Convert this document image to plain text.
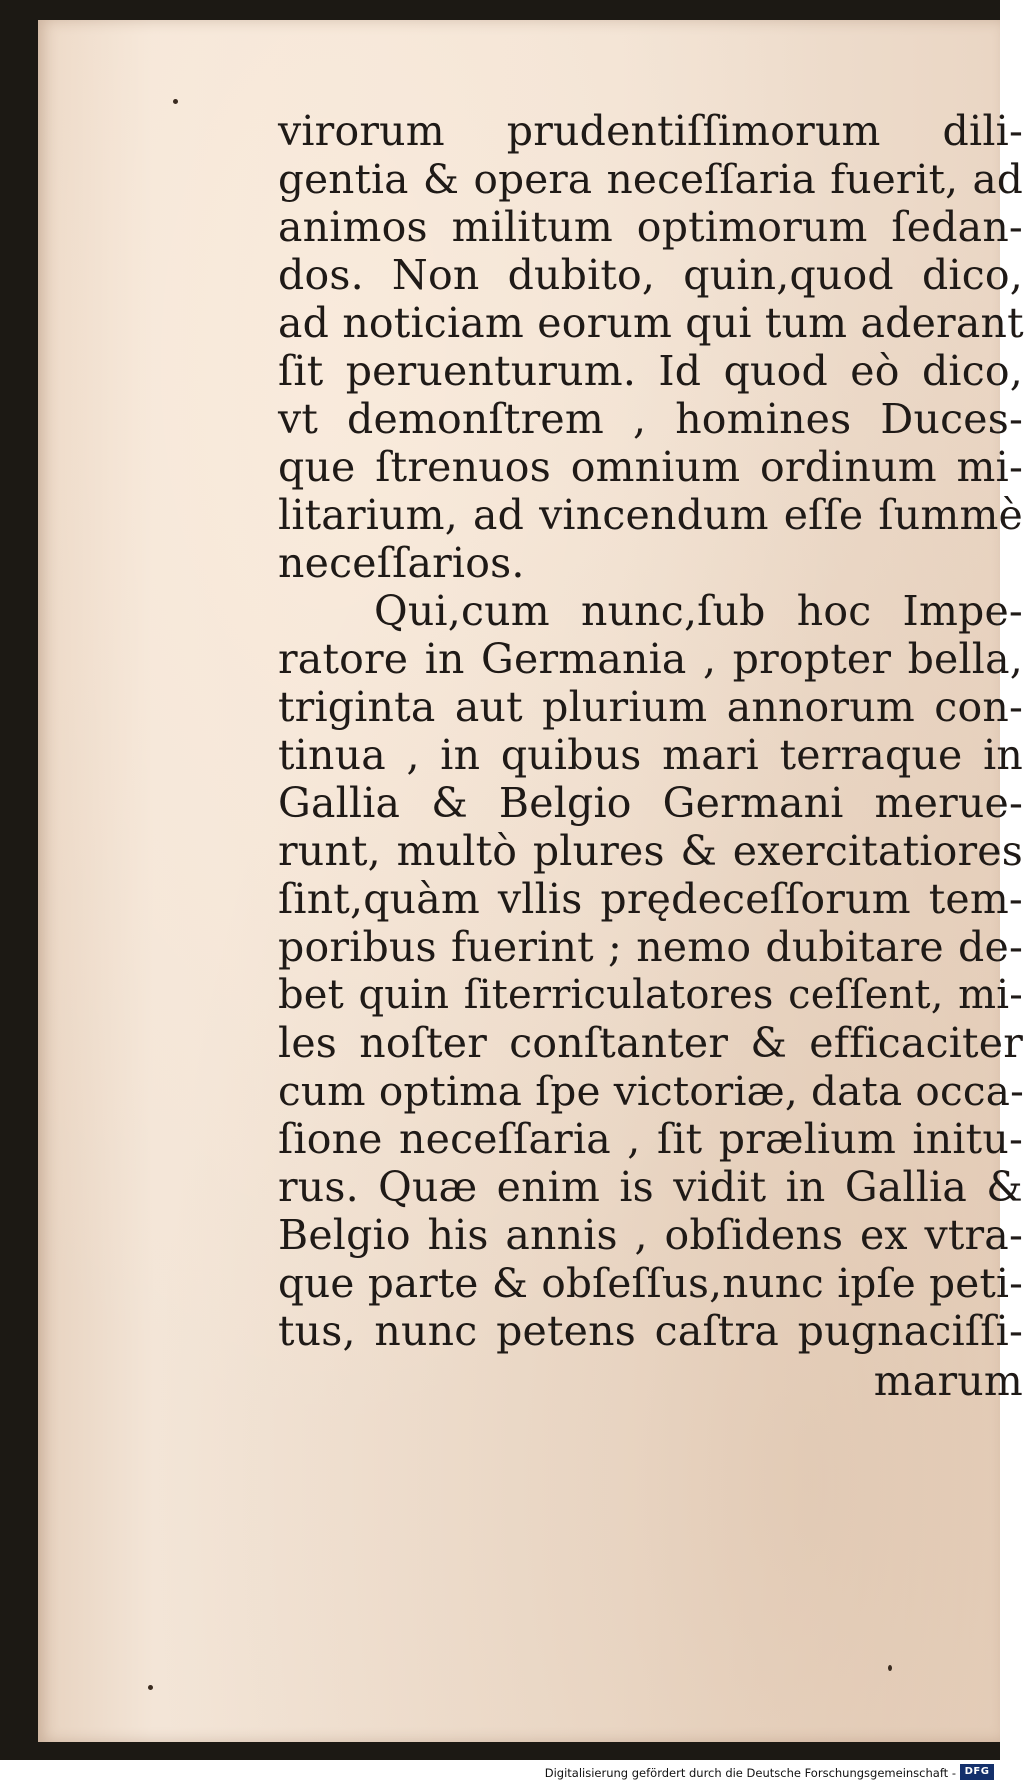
virorum prudentiſſimorum dili-
gentia & opera neceſſaria fuerit, ad
animos militum optimorum ſedan-
dos. Non dubito, quin,quod dico,
ad noticiam eorum qui tum aderant
ſit peruenturum. Id quod eò dico,
vt demonſtrem , homines Duces-
que ſtrenuos omnium ordinum mi-
litarium, ad vincendum eſſe ſummè
neceſſarios.
Qui,cum nunc,ſub hoc Impe-
ratore in Germania , propter bella,
triginta aut plurium annorum con-
tinua , in quibus mari terraque in
Gallia & Belgio Germani merue-
runt, multò plures & exercitatiores
ſint,quàm vllis prędeceſſorum tem-
poribus fuerint ; nemo dubitare de-
bet quin ſiterriculatores ceſſent, mi-
les noſter conſtanter & efficaciter
cum optima ſpe victoriæ, data occa-
ſione neceſſaria , ſit prælium initu-
rus. Quæ enim is vidit in Gallia &
Belgio his annis , obſidens ex vtra-
que parte & obſeſſus,nunc ipſe peti-
tus, nunc petens caſtra pugnaciſſi-
marum
Digitalisierung gefördert durch die Deutsche Forschungsgemeinschaft - DFG
